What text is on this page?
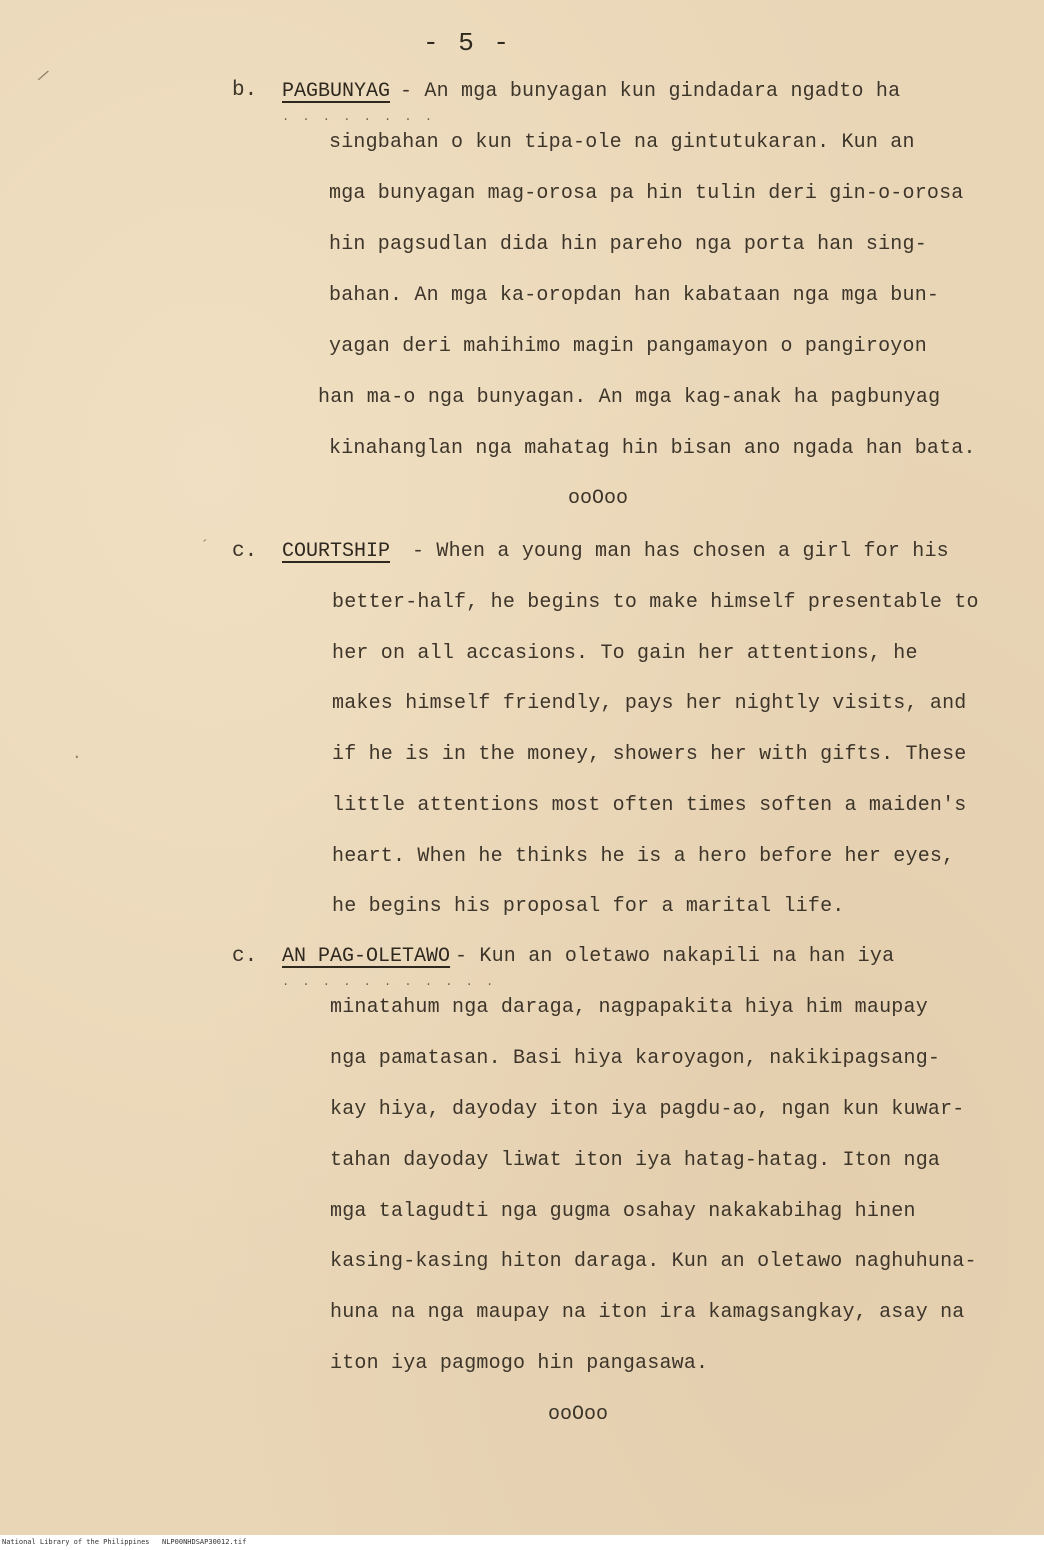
- 5 -
/
´
·
b. PAGBUNYAG
. . . . . . . .
- An mga bunyagan kun gindadara ngadto ha
singbahan o kun tipa-ole na gintutukaran. Kun an
mga bunyagan mag-orosa pa hin tulin deri gin-o-orosa
hin pagsudlan dida hin pareho nga porta han sing-
bahan. An mga ka-oropdan han kabataan nga mga bun-
yagan deri mahihimo magin pangamayon o pangiroyon
han ma-o nga bunyagan. An mga kag-anak ha pagbunyag
kinahanglan nga mahatag hin bisan ano ngada han bata.
ooOoo
c. COURTSHIP - When a young man has chosen a girl for his
better-half, he begins to make himself presentable to
her on all accasions. To gain her attentions, he
makes himself friendly, pays her nightly visits, and
if he is in the money, showers her with gifts. These
little attentions most often times soften a maiden's
heart. When he thinks he is a hero before her eyes,
he begins his proposal for a marital life.
c. AN PAG-OLETAWO
. . . . . . . . . . .
- Kun an oletawo nakapili na han iya
minatahum nga daraga, nagpapakita hiya him maupay
nga pamatasan. Basi hiya karoyagon, nakikipagsang-
kay hiya, dayoday iton iya pagdu-ao, ngan kun kuwar-
tahan dayoday liwat iton iya hatag-hatag. Iton nga
mga talagudti nga gugma osahay nakakabihag hinen
kasing-kasing hiton daraga. Kun an oletawo naghuhuna-
huna na nga maupay na iton ira kamagsangkay, asay na
iton iya pagmogo hin pangasawa.
ooOoo
National Library of the Philippines NLP00NHDSAP30012.tif
